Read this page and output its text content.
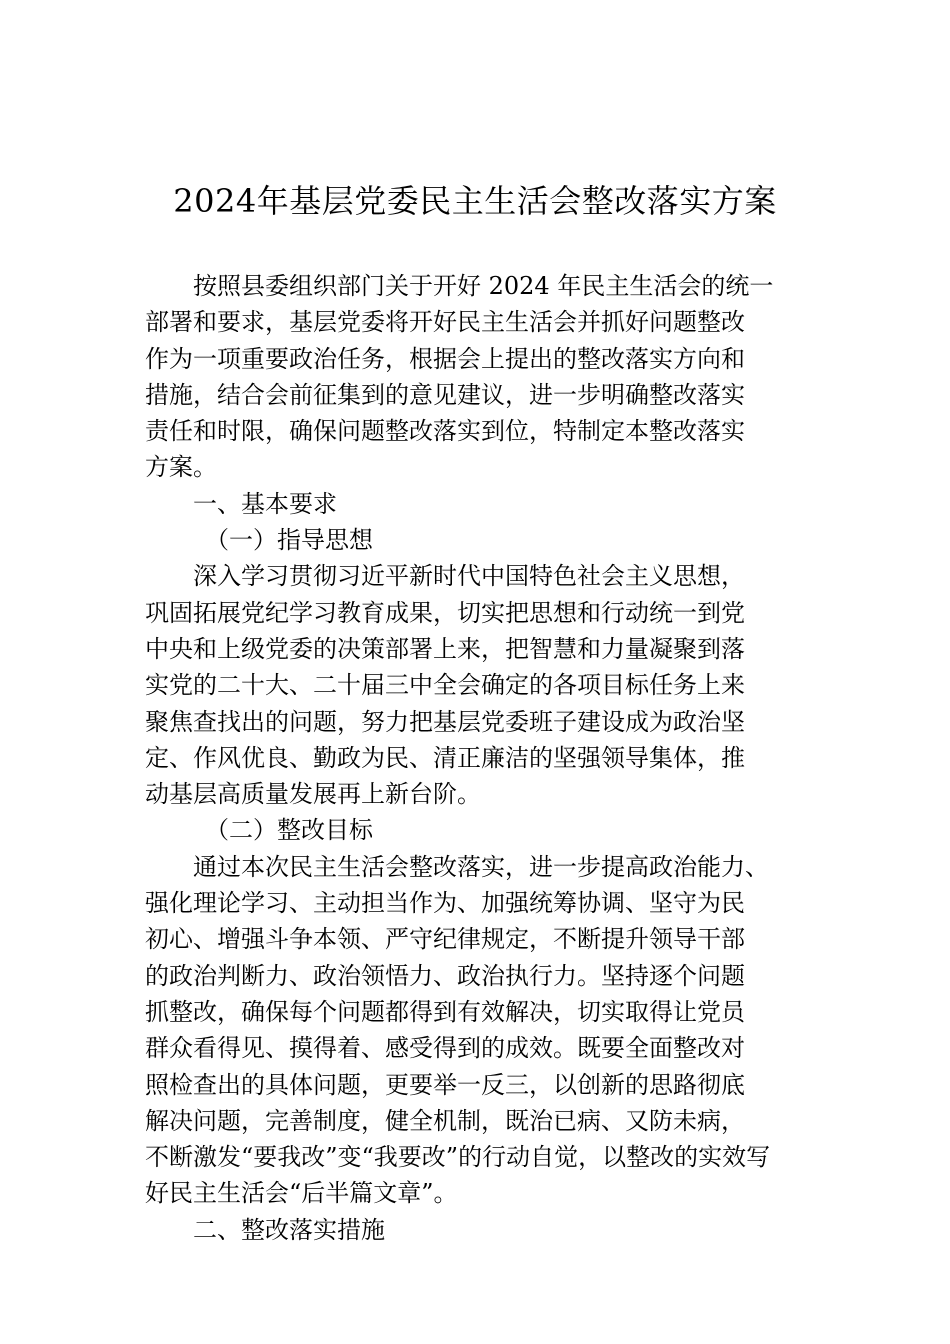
2024年基层党委民主生活会整改落实方案
按照县委组织部门关于开好 2024 年民主生活会的统一
部署和要求，基层党委将开好民主生活会并抓好问题整改
作为一项重要政治任务，根据会上提出的整改落实方向和
措施，结合会前征集到的意见建议，进一步明确整改落实
责任和时限，确保问题整改落实到位，特制定本整改落实
方案。

一、基本要求

（一）指导思想

深入学习贯彻习近平新时代中国特色社会主义思想，
巩固拓展党纪学习教育成果，切实把思想和行动统一到党
中央和上级党委的决策部署上来，把智慧和力量凝聚到落
实党的二十大、二十届三中全会确定的各项目标任务上来
聚焦查找出的问题，努力把基层党委班子建设成为政治坚
定、作风优良、勤政为民、清正廉洁的坚强领导集体，推
动基层高质量发展再上新台阶。

（二）整改目标

通过本次民主生活会整改落实，进一步提高政治能力、
强化理论学习、主动担当作为、加强统筹协调、坚守为民
初心、增强斗争本领、严守纪律规定，不断提升领导干部
的政治判断力、政治领悟力、政治执行力。坚持逐个问题
抓整改，确保每个问题都得到有效解决，切实取得让党员
群众看得见、摸得着、感受得到的成效。既要全面整改对
照检查出的具体问题，更要举一反三，以创新的思路彻底
解决问题，完善制度，健全机制，既治已病、又防未病，
不断激发“要我改”变“我要改”的行动自觉，以整改的实效写
好民主生活会“后半篇文章”。

二、整改落实措施
